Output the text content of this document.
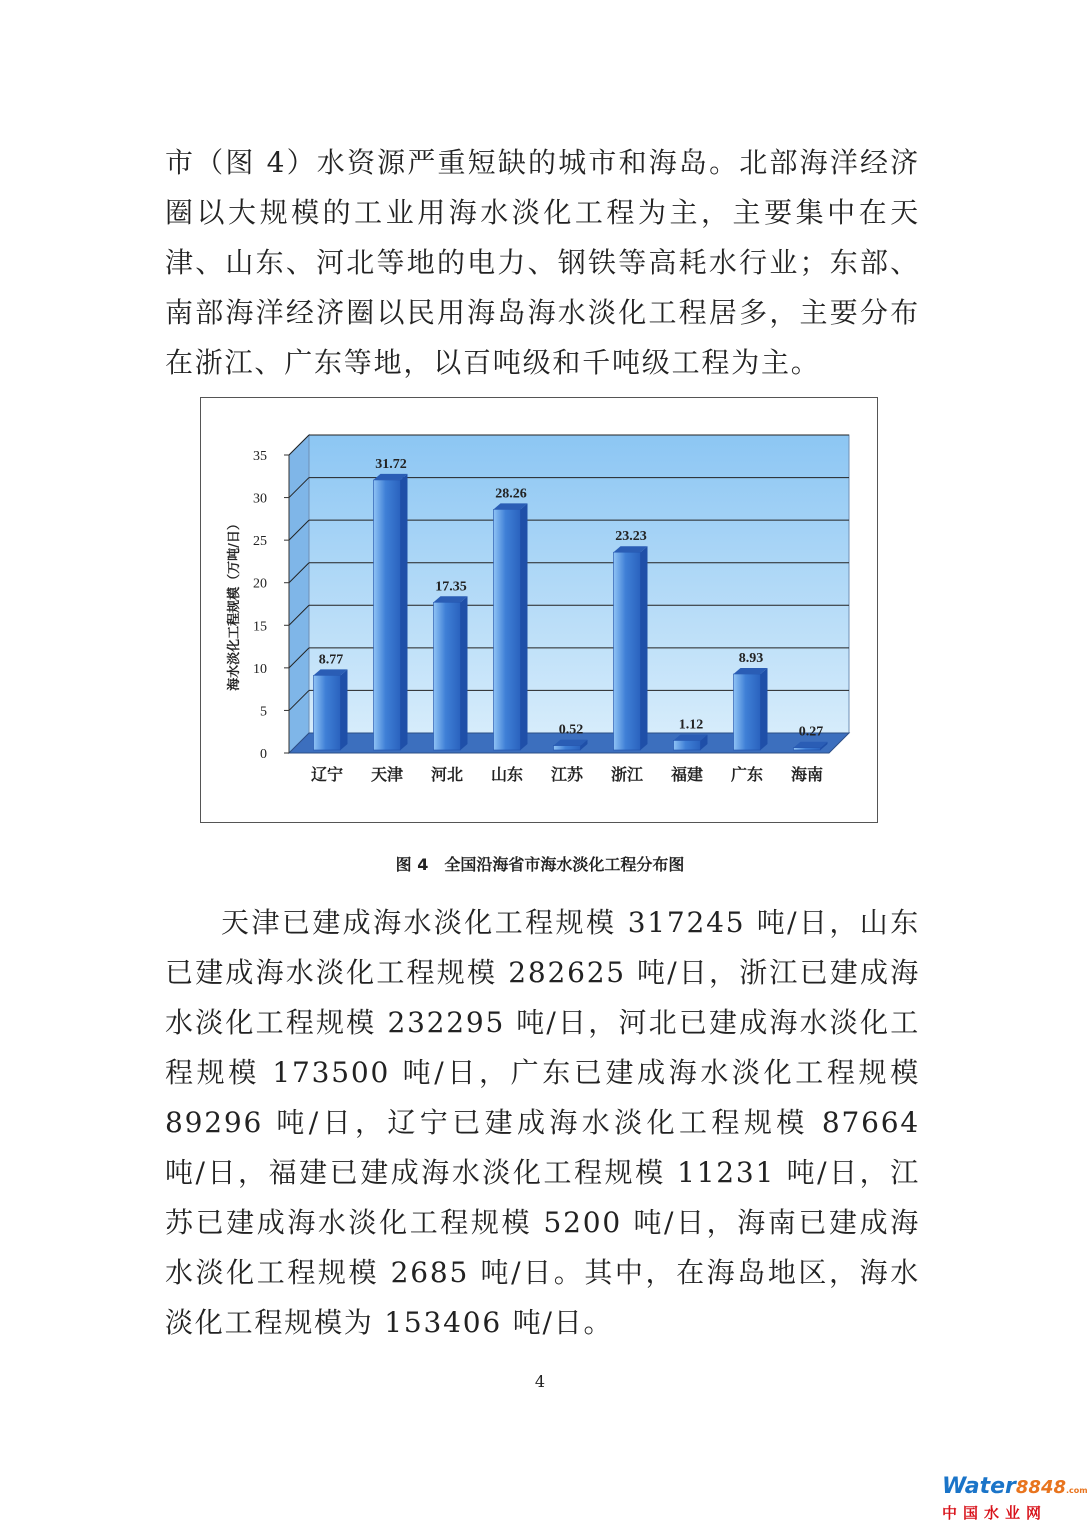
市（图 4）水资源严重短缺的城市和海岛。北部海洋经济圈以大规模的工业用海水淡化工程为主，主要集中在天津、山东、河北等地的电力、钢铁等高耗水行业；东部、南部海洋经济圈以民用海岛海水淡化工程居多，主要分布在浙江、广东等地，以百吨级和千吨级工程为主。

0
5
10
15
20
25
30
35
海水淡化工程规模（万吨/日）	8.77
辽宁
31.72
天津
17.35
河北
28.26
山东
0.52
江苏
23.23
浙江
1.12
福建
8.93
广东
0.27
海南
图 4　全国沿海省市海水淡化工程分布图

天津已建成海水淡化工程规模 317245 吨/日，山东已建成海水淡化工程规模 282625 吨/日，浙江已建成海水淡化工程规模 232295 吨/日，河北已建成海水淡化工程规模 173500 吨/日，广东已建成海水淡化工程规模 89296 吨/日，辽宁已建成海水淡化工程规模 87664 吨/日，福建已建成海水淡化工程规模 11231 吨/日，江苏已建成海水淡化工程规模 5200 吨/日，海南已建成海水淡化工程规模 2685 吨/日。其中，在海岛地区，海水淡化工程规模为 153406 吨/日。

4
Water8848.com
中国水业网
